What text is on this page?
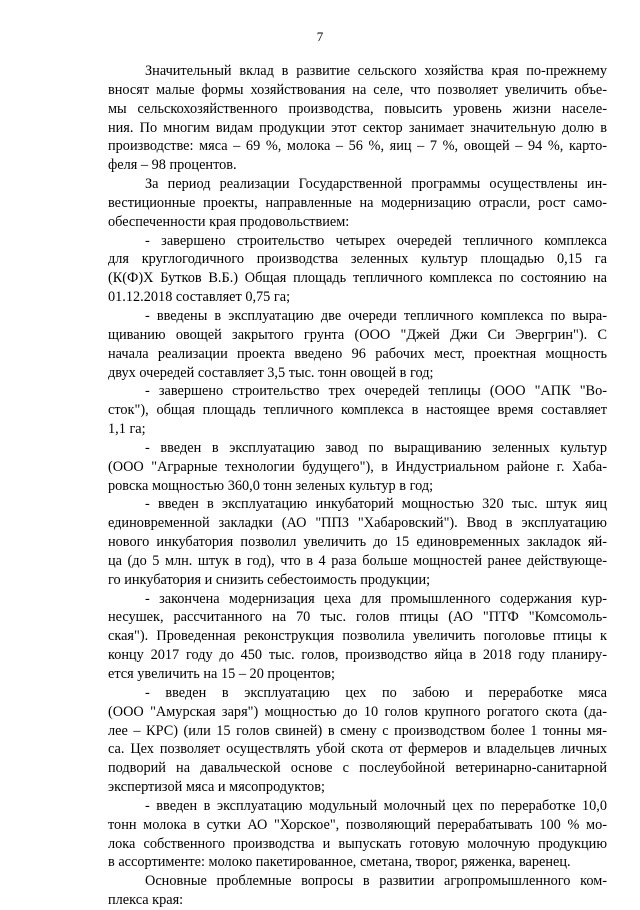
7
Значительный вклад в развитие сельского хозяйства края по-прежнему
вносят малые формы хозяйствования на селе, что позволяет увеличить объе-
мы сельскохозяйственного производства, повысить уровень жизни населе-
ния. По многим видам продукции этот сектор занимает значительную долю в
производстве: мяса – 69 %, молока – 56 %, яиц – 7 %, овощей – 94 %, карто-
феля – 98 процентов.
За период реализации Государственной программы осуществлены ин-
вестиционные проекты, направленные на модернизацию отрасли, рост само-
обеспеченности края продовольствием:
- завершено строительство четырех очередей тепличного комплекса
для круглогодичного производства зеленных культур площадью 0,15 га
(К(Ф)Х Бутков В.Б.) Общая площадь тепличного комплекса по состоянию на
01.12.2018 составляет 0,75 га;
- введены в эксплуатацию две очереди тепличного комплекса по выра-
щиванию овощей закрытого грунта (ООО "Джей Джи Си Эвергрин"). С
начала реализации проекта введено 96 рабочих мест, проектная мощность
двух очередей составляет 3,5 тыс. тонн овощей в год;
- завершено строительство трех очередей теплицы (ООО "АПК "Во-
сток"), общая площадь тепличного комплекса в настоящее время составляет
1,1 га;
- введен в эксплуатацию завод по выращиванию зеленных культур
(ООО "Аграрные технологии будущего"), в Индустриальном районе г. Хаба-
ровска мощностью 360,0 тонн зеленых культур в год;
- введен в эксплуатацию инкубаторий мощностью 320 тыс. штук яиц
единовременной закладки (АО "ППЗ "Хабаровский"). Ввод в эксплуатацию
нового инкубатория позволил увеличить до 15 единовременных закладок яй-
ца (до 5 млн. штук в год), что в 4 раза больше мощностей ранее действующе-
го инкубатория и снизить себестоимость продукции;
- закончена модернизация цеха для промышленного содержания кур-
несушек, рассчитанного на 70 тыс. голов птицы (АО "ПТФ "Комсомоль-
ская"). Проведенная реконструкция позволила увеличить поголовье птицы к
концу 2017 году до 450 тыс. голов, производство яйца в 2018 году планиру-
ется увеличить на 15 – 20 процентов;
- введен в эксплуатацию цех по забою и переработке мяса
(ООО "Амурская заря") мощностью до 10 голов крупного рогатого скота (да-
лее – КРС) (или 15 голов свиней) в смену с производством более 1 тонны мя-
са. Цех позволяет осуществлять убой скота от фермеров и владельцев личных
подворий на давальческой основе с послеубойной ветеринарно-санитарной
экспертизой мяса и мясопродуктов;
- введен в эксплуатацию модульный молочный цех по переработке 10,0
тонн молока в сутки АО "Хорское", позволяющий перерабатывать 100 % мо-
лока собственного производства и выпускать готовую молочную продукцию
в ассортименте: молоко пакетированное, сметана, творог, ряженка, варенец.
Основные проблемные вопросы в развитии агропромышленного ком-
плекса края:
